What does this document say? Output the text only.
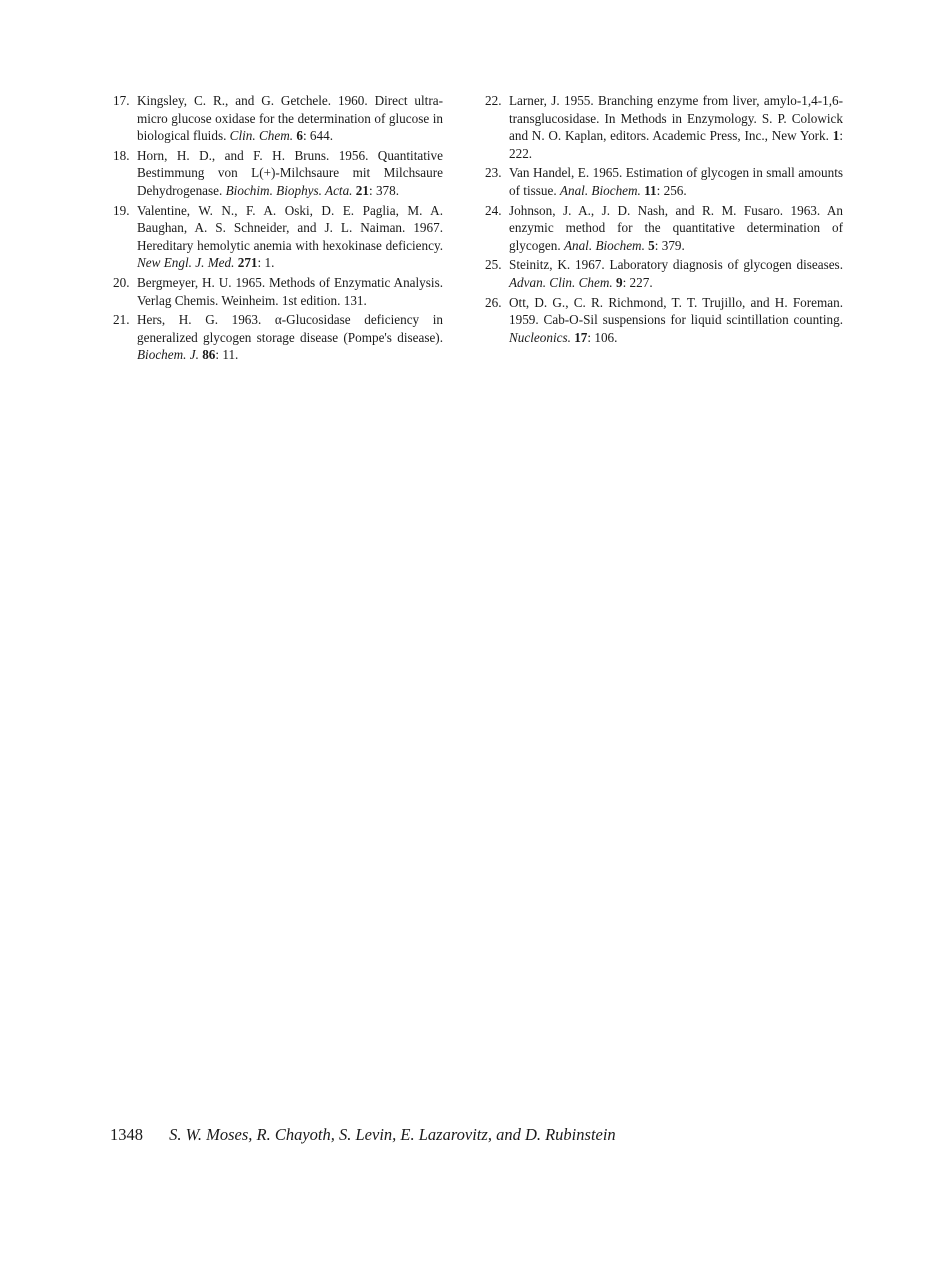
17. Kingsley, C. R., and G. Getchele. 1960. Direct ultra-micro glucose oxidase for the determination of glucose in biological fluids. Clin. Chem. 6: 644.
18. Horn, H. D., and F. H. Bruns. 1956. Quantitative Bestimmung von L(+)-Milchsaure mit Milchsaure Dehydrogenase. Biochim. Biophys. Acta. 21: 378.
19. Valentine, W. N., F. A. Oski, D. E. Paglia, M. A. Baughan, A. S. Schneider, and J. L. Naiman. 1967. Hereditary hemolytic anemia with hexokinase deficiency. New Engl. J. Med. 271: 1.
20. Bergmeyer, H. U. 1965. Methods of Enzymatic Analysis. Verlag Chemis. Weinheim. 1st edition. 131.
21. Hers, H. G. 1963. α-Glucosidase deficiency in generalized glycogen storage disease (Pompe's disease). Biochem. J. 86: 11.
22. Larner, J. 1955. Branching enzyme from liver, amylo-1,4-1,6-transglucosidase. In Methods in Enzymology. S. P. Colowick and N. O. Kaplan, editors. Academic Press, Inc., New York. 1: 222.
23. Van Handel, E. 1965. Estimation of glycogen in small amounts of tissue. Anal. Biochem. 11: 256.
24. Johnson, J. A., J. D. Nash, and R. M. Fusaro. 1963. An enzymic method for the quantitative determination of glycogen. Anal. Biochem. 5: 379.
25. Steinitz, K. 1967. Laboratory diagnosis of glycogen diseases. Advan. Clin. Chem. 9: 227.
26. Ott, D. G., C. R. Richmond, T. T. Trujillo, and H. Foreman. 1959. Cab-O-Sil suspensions for liquid scintillation counting. Nucleonics. 17: 106.
1348 S. W. Moses, R. Chayoth, S. Levin, E. Lazarovitz, and D. Rubinstein
